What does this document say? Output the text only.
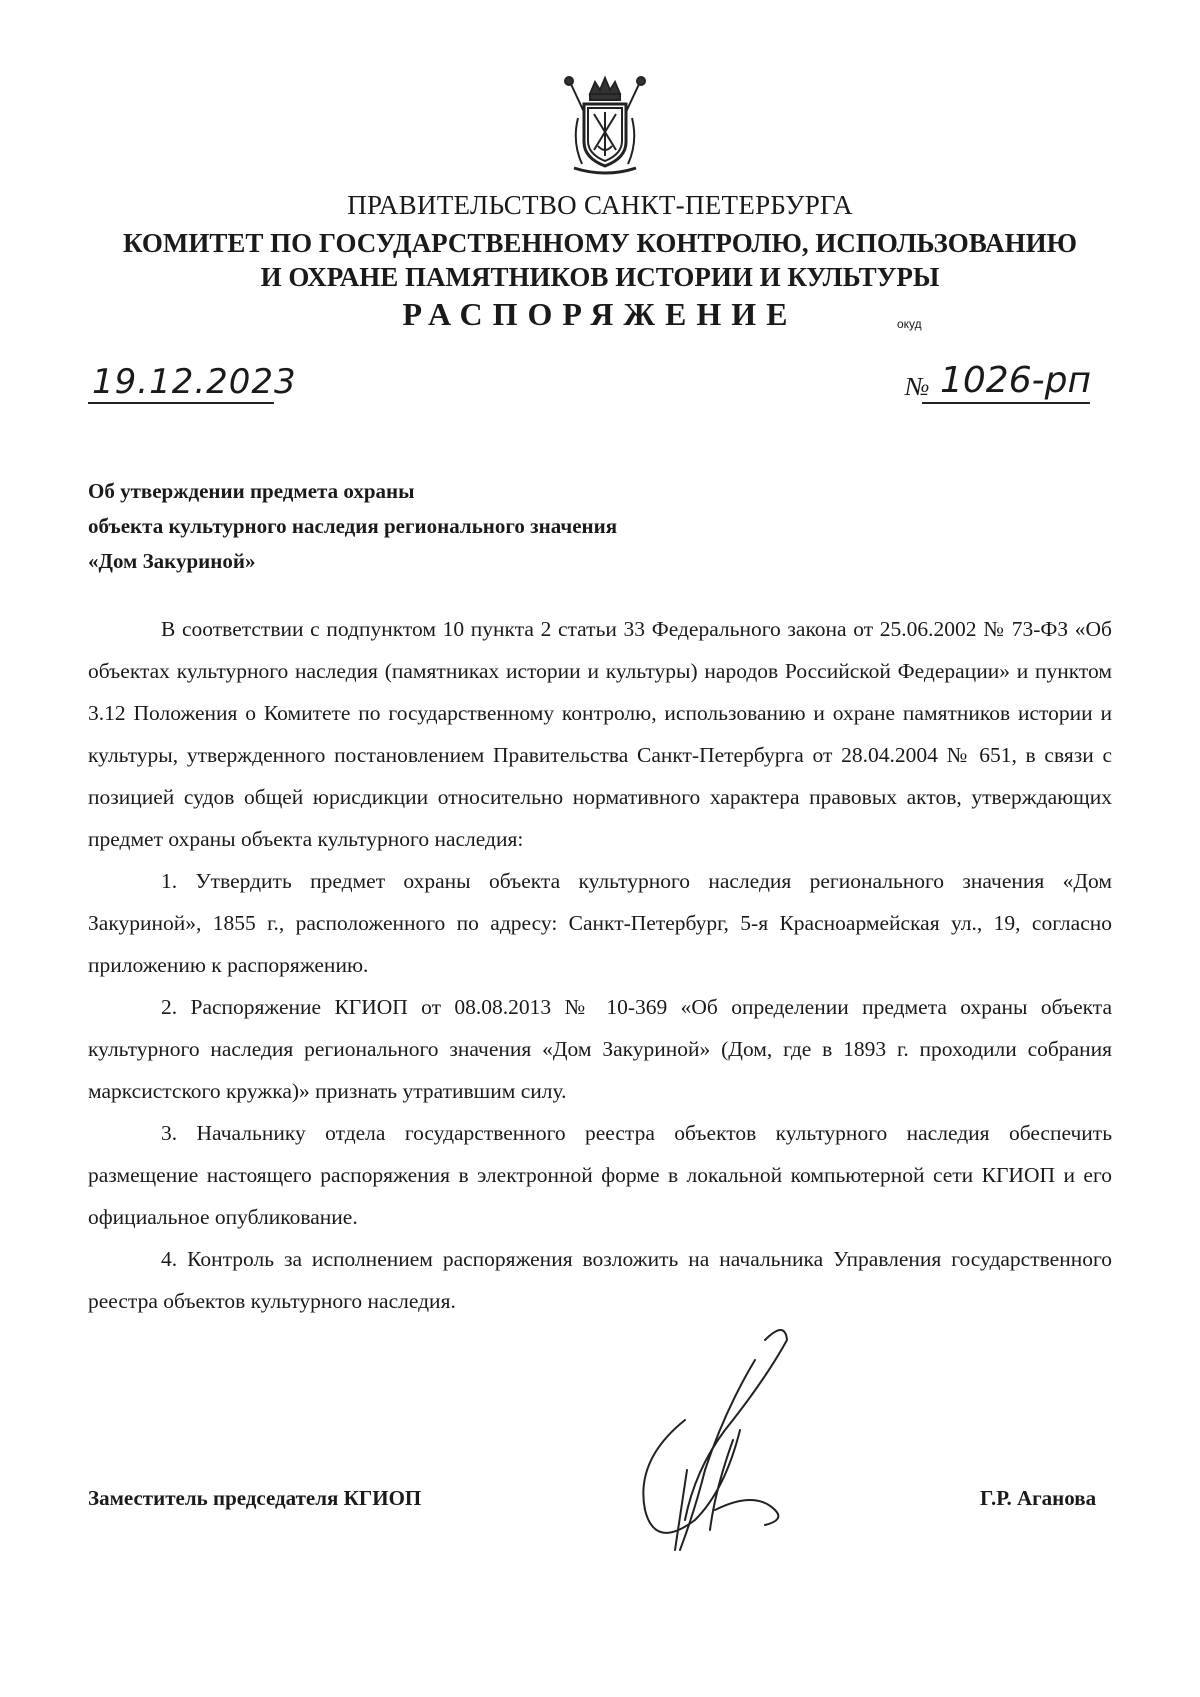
ПРАВИТЕЛЬСТВО САНКТ-ПЕТЕРБУРГА
КОМИТЕТ ПО ГОСУДАРСТВЕННОМУ КОНТРОЛЮ, ИСПОЛЬЗОВАНИЮ
И ОХРАНЕ ПАМЯТНИКОВ ИСТОРИИ И КУЛЬТУРЫ
РАСПОРЯЖЕНИЕ	окуд
19.12.2023	№ 1026-рп
Об утверждении предмета охраны
объекта культурного наследия регионального значения
«Дом Закуриной»

В соответствии с подпунктом 10 пункта 2 статьи 33 Федерального закона от 25.06.2002 № 73-ФЗ «Об объектах культурного наследия (памятниках истории и культуры) народов Российской Федерации» и пунктом 3.12 Положения о Комитете по государственному контролю, использованию и охране памятников истории и культуры, утвержденного постановлением Правительства Санкт-Петербурга от 28.04.2004 № 651, в связи с позицией судов общей юрисдикции относительно нормативного характера правовых актов, утверждающих предмет охраны объекта культурного наследия:

1. Утвердить предмет охраны объекта культурного наследия регионального значения «Дом Закуриной», 1855 г., расположенного по адресу: Санкт-Петербург, 5-я Красноармейская ул., 19, согласно приложению к распоряжению.

2. Распоряжение КГИОП от 08.08.2013 № 10-369 «Об определении предмета охраны объекта культурного наследия регионального значения «Дом Закуриной» (Дом, где в 1893 г. проходили собрания марксистского кружка)» признать утратившим силу.

3. Начальнику отдела государственного реестра объектов культурного наследия обеспечить размещение настоящего распоряжения в электронной форме в локальной компьютерной сети КГИОП и его официальное опубликование.

4. Контроль за исполнением распоряжения возложить на начальника Управления государственного реестра объектов культурного наследия.

Заместитель председателя КГИОП	Г.Р. Аганова
